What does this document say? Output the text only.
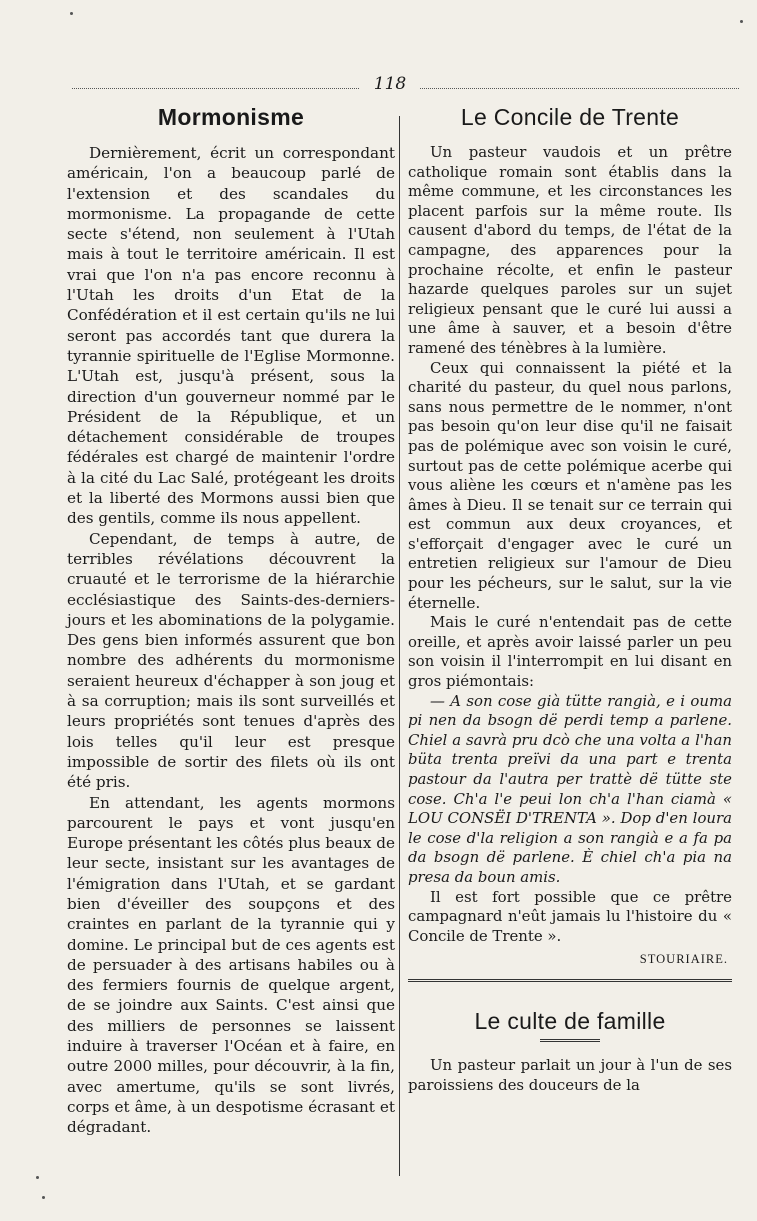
118
Mormonisme

Dernièrement, écrit un correspondant américain, l'on a beaucoup parlé de l'extension et des scandales du mormonisme. La propagande de cette secte s'étend, non seulement à l'Utah mais à tout le territoire américain. Il est vrai que l'on n'a pas encore reconnu à l'Utah les droits d'un Etat de la Confédération et il est certain qu'ils ne lui seront pas accordés tant que durera la tyrannie spirituelle de l'Eglise Mormonne. L'Utah est, jusqu'à présent, sous la direction d'un gouverneur nommé par le Président de la République, et un détachement considérable de troupes fédérales est chargé de maintenir l'ordre à la cité du Lac Salé, protégeant les droits et la liberté des Mormons aussi bien que des gentils, comme ils nous appellent.

Cependant, de temps à autre, de terribles révélations découvrent la cruauté et le terrorisme de la hiérarchie ecclésiastique des Saints-des-derniers-jours et les abominations de la polygamie. Des gens bien informés assurent que bon nombre des adhérents du mormonisme seraient heureux d'échapper à son joug et à sa corruption; mais ils sont surveillés et leurs propriétés sont tenues d'après des lois telles qu'il leur est presque impossible de sortir des filets où ils ont été pris.

En attendant, les agents mormons parcourent le pays et vont jusqu'en Europe présentant les côtés plus beaux de leur secte, insistant sur les avantages de l'émigration dans l'Utah, et se gardant bien d'éveiller des soupçons et des craintes en parlant de la tyrannie qui y domine. Le principal but de ces agents est de persuader à des artisans habiles ou à des fermiers fournis de quelque argent, de se joindre aux Saints. C'est ainsi que des milliers de personnes se laissent induire à traverser l'Océan et à faire, en outre 2000 milles, pour découvrir, à la fin, avec amertume, qu'ils se sont livrés, corps et âme, à un despotisme écrasant et dégradant.

Le Concile de Trente

Un pasteur vaudois et un prêtre catholique romain sont établis dans la même commune, et les circonstances les placent parfois sur la même route. Ils causent d'abord du temps, de l'état de la campagne, des apparences pour la prochaine récolte, et enfin le pasteur hazarde quelques paroles sur un sujet religieux pensant que le curé lui aussi a une âme à sauver, et a besoin d'être ramené des ténèbres à la lumière.

Ceux qui connaissent la piété et la charité du pasteur, du quel nous parlons, sans nous permettre de le nommer, n'ont pas besoin qu'on leur dise qu'il ne faisait pas de polémique avec son voisin le curé, surtout pas de cette polémique acerbe qui vous aliène les cœurs et n'amène pas les âmes à Dieu. Il se tenait sur ce terrain qui est commun aux deux croyances, et s'efforçait d'engager avec le curé un entretien religieux sur l'amour de Dieu pour les pécheurs, sur le salut, sur la vie éternelle.

Mais le curé n'entendait pas de cette oreille, et après avoir laissé parler un peu son voisin il l'interrompit en lui disant en gros piémontais:

— A son cose già tütte rangià, e i ouma pi nen da bsogn dë perdi temp a parlene. Chiel a savrà pru dcò che una volta a l'han büta trenta preïvi da una part e trenta pastour da l'autra per trattè dë tütte ste cose. Ch'a l'e peui lon ch'a l'han ciamà « LOU CONSËI D'TRENTA ». Dop d'en loura le cose d'la religion a son rangià e a fa pa da bsogn dë parlene. È chiel ch'a pia na presa da boun amis.

Il est fort possible que ce prêtre campagnard n'eût jamais lu l'histoire du « Concile de Trente ».

STOURIAIRE.
Le culte de famille

Un pasteur parlait un jour à l'un de ses paroissiens des douceurs de la
